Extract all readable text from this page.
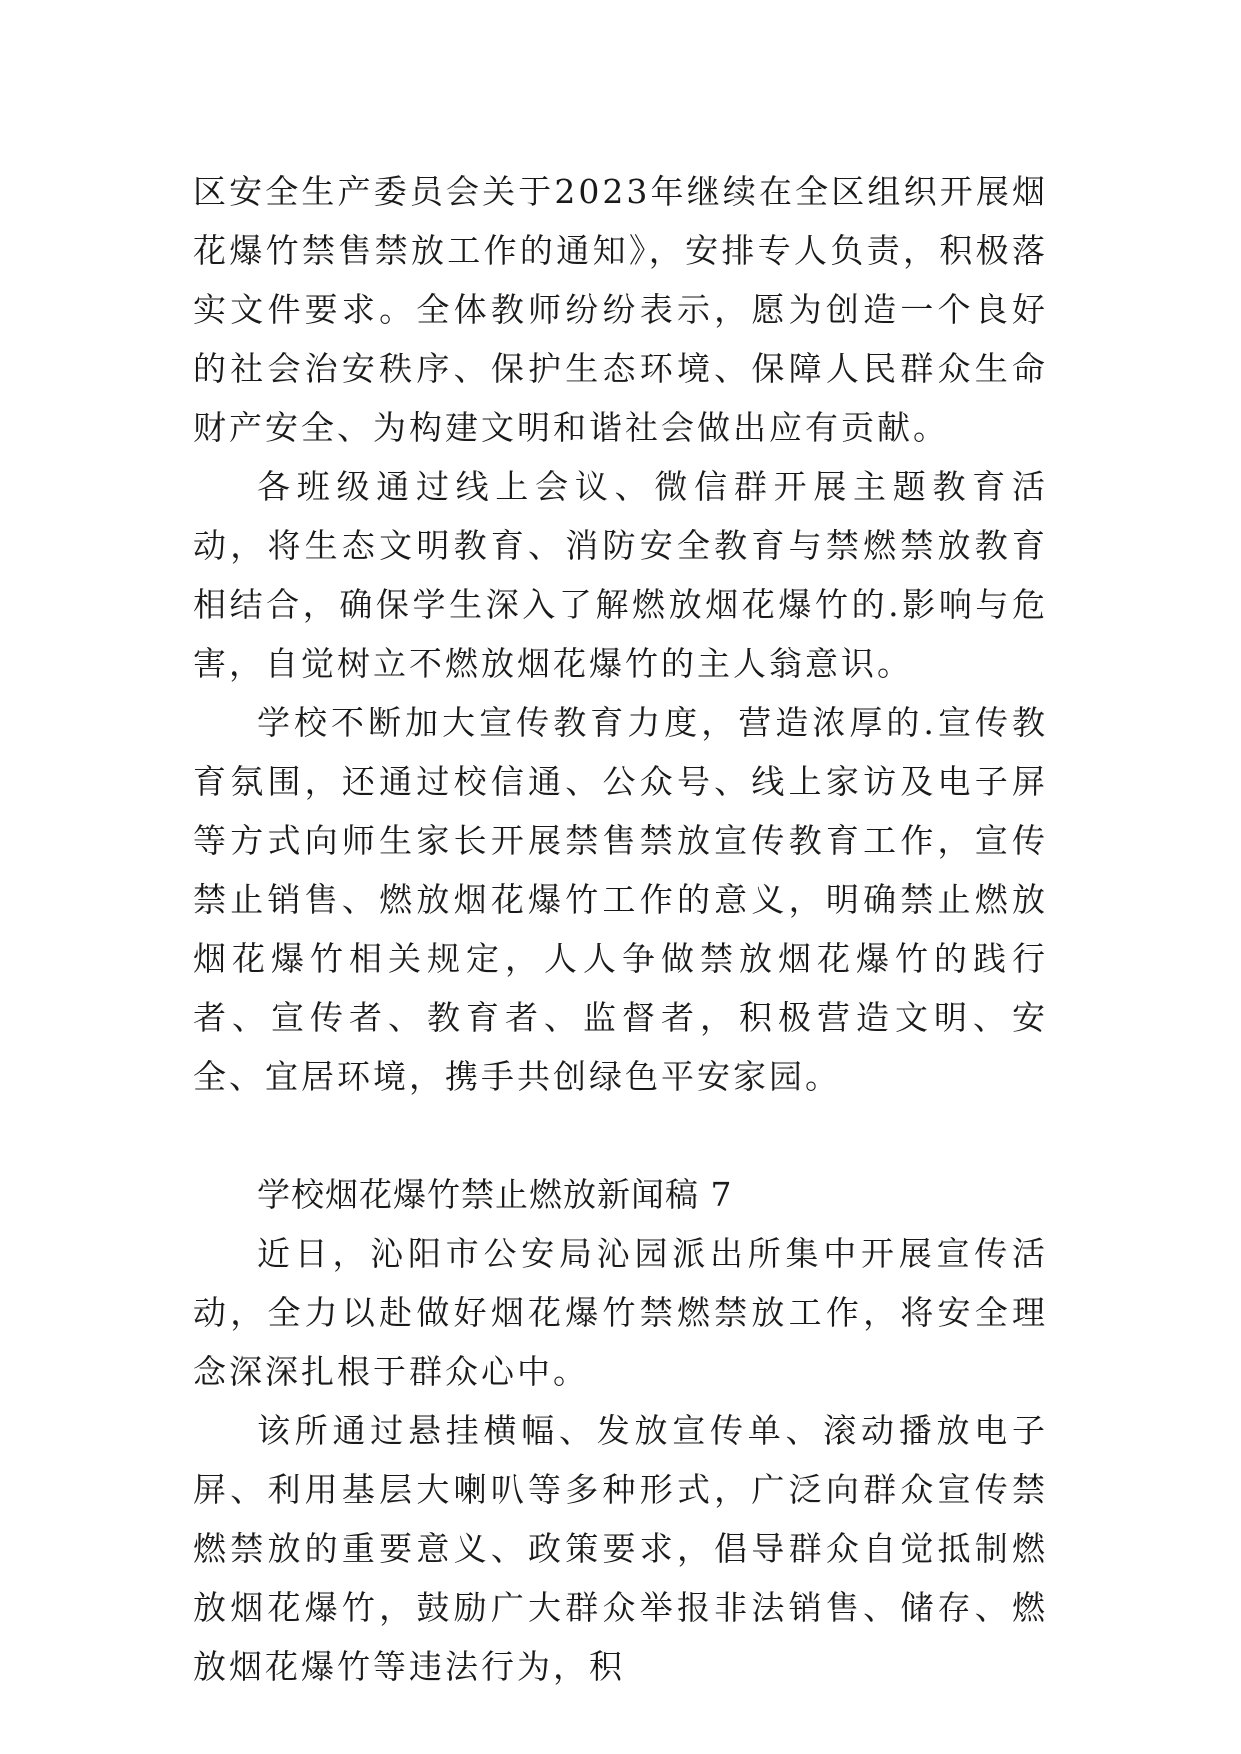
区安全生产委员会关于2023年继续在全区组织开展烟花爆竹禁售禁放工作的通知》，安排专人负责，积极落实文件要求。全体教师纷纷表示，愿为创造一个良好的社会治安秩序、保护生态环境、保障人民群众生命财产安全、为构建文明和谐社会做出应有贡献。

各班级通过线上会议、微信群开展主题教育活动，将生态文明教育、消防安全教育与禁燃禁放教育相结合，确保学生深入了解燃放烟花爆竹的.影响与危害，自觉树立不燃放烟花爆竹的主人翁意识。

学校不断加大宣传教育力度，营造浓厚的.宣传教育氛围，还通过校信通、公众号、线上家访及电子屏等方式向师生家长开展禁售禁放宣传教育工作，宣传禁止销售、燃放烟花爆竹工作的意义，明确禁止燃放烟花爆竹相关规定，人人争做禁放烟花爆竹的践行者、宣传者、教育者、监督者，积极营造文明、安全、宜居环境，携手共创绿色平安家园。

学校烟花爆竹禁止燃放新闻稿 7

近日，沁阳市公安局沁园派出所集中开展宣传活动，全力以赴做好烟花爆竹禁燃禁放工作，将安全理念深深扎根于群众心中。

该所通过悬挂横幅、发放宣传单、滚动播放电子屏、利用基层大喇叭等多种形式，广泛向群众宣传禁燃禁放的重要意义、政策要求，倡导群众自觉抵制燃放烟花爆竹，鼓励广大群众举报非法销售、储存、燃放烟花爆竹等违法行为，积
